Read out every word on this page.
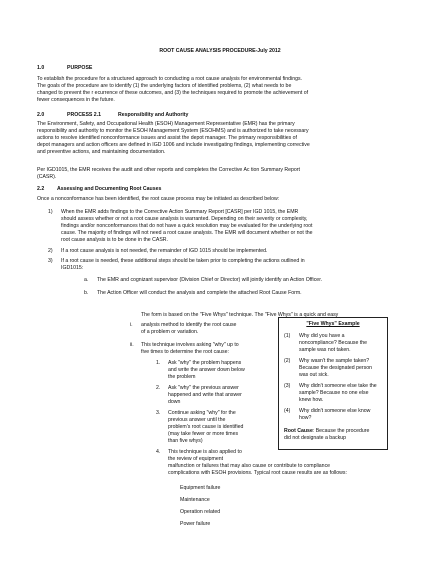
ROOT CAUSE ANALYSIS PROCEDURE-July 2012
1.0	PURPOSE
To establish the procedure for a structured approach to conducting a root cause analysis for environmental findings.
The goals of the procedure are to identify (1) the underlying factors of identified problems, (2) what needs to be
changed to prevent the r ecurrence of these outcomes, and (3) the techniques required to promote the achievement of
fewer consequences in the future.
2.0	PROCESS 2.1	Responsibility and Authority
The Environment, Safety, and Occupational Health (ESOH) Management Representative (EMR) has the primary
responsibility and authority to monitor the ESOH Management System (ESOHMS) and is authorized to take necessary
actions to resolve identified nonconformance issues and assist the depot manager. The primary responsibilities of
depot managers and action officers are defined in IGD 1006 and include investigating findings, implementing corrective
and preventive actions, and maintaining documentation.
Per IGD1015, the EMR receives the audit and other reports and completes the Corrective Ac tion Summary Report
(CASR).
2.2 Assessing and Documenting Root Causes
Once a nonconformance has been identified, the root cause process may be initiated as described below:
1) When the EMR adds findings to the Corrective Action Summary Report [CASR] per IGD 1015, the EMR
should assess whether or not a root cause analysis is warranted. Depending on their severity or complexity,
findings and/or nonconformances that do not have a quick resolution may be evaluated for the underlying root
cause. The majority of findings will not need a root cause analysis. The EMR will document whether or not the
root cause analysis is to be done in the CASR.
2) If a root cause analysis is not needed, the remainder of IGD 1015 should be implemented.
3) If a root cause is needed, these additional steps should be taken prior to completing the actions outlined in
IGD1015:
a. The EMR and cognizant supervisor (Division Chief or Director) will jointly identify an Action Officer.
b. The Action Officer will conduct the analysis and complete the attached Root Cause Form.
The form is based on the "Five Whys" technique. The "Five Whys" is a quick and easy
i. analysis method to identify the root cause
of a problem or variation.
ii. This technique involves asking "why" up to
five times to determine the root cause:
1. Ask "why" the problem happens
and write the answer down below
the problem
2. Ask "why" the previous answer
happened and write that answer
down
3. Continue asking "why" for the
previous answer until the
problem's root cause is identified
(may take fewer or more times
than five whys)
4. This technique is also applied to
the review of equipment
malfunction or failures that may also cause or contribute to compliance
complications with ESOH provisions. Typical root cause results are as follows:
Equipment failure
Maintenance
Operation related
Power failure
"Five Whys" Example
(1) Why did you have a
noncompliance? Because the
sample was not taken.
(2) Why wasn't the sample taken?
Because the designated person
was out sick.
(3) Why didn't someone else take the
sample? Because no one else
knew how.
(4) Why didn't someone else know
how?
Root Cause: Because the procedure
did not designate a backup
